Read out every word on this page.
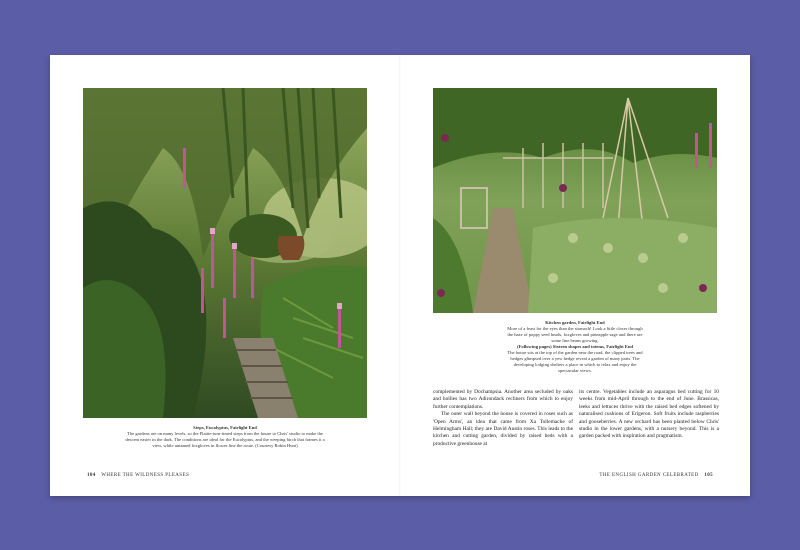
Steps, Eucalyptus, Fairlight End
The gardens are on many levels, so the Flattie-turn-timed steps from the house to Chris' studio to make the descent easier in the dark. The conditions are ideal for the Eucalyptus, and the weeping birch that frames it a view, while untamed foxgloves in flower line the route. (Courtesy Robin Hunt)
104 WHERE THE WILDNESS PLEASES
Kitchen garden, Fairlight End
More of a feast for the eyes than the stomach! Look a little closer through the haze of poppy seed heads, foxgloves and pineapple sage and there are some fine beans growing.
(Following pages) Sixteen shapes and totems, Fairlight End
The house sits at the top of the garden near the road, the clipped trees and hedges glimpsed over a yew hedge reveal a garden of many parts. The developing lodging shelters a place in which to relax and enjoy the spectacular views.

complemented by Dochampsia. Another area secluded by oaks and hollies has two Adirondack recliners from which to enjoy further contemplations.

The outer wall beyond the house is covered in roses such as 'Open Arms', an idea that came from Xa Tollemache of Helmingham Hall; they are David Austin roses. This leads to the kitchen and cutting garden, divided by raised beds with a productive greenhouse at

its centre. Vegetables include an asparagus bed cutting for 10 weeks from mid-April through to the end of June. Brassicas, leeks and lettuces thrive with the raised bed edges softened by naturalised cushions of Erigeron. Soft fruits include raspberries and gooseberries. A new orchard has been planted below Chris' studio in the lower gardens, with a nursery beyond. This is a garden packed with inspiration and pragmatism.

THE ENGLISH GARDEN CELEBRATED 105
